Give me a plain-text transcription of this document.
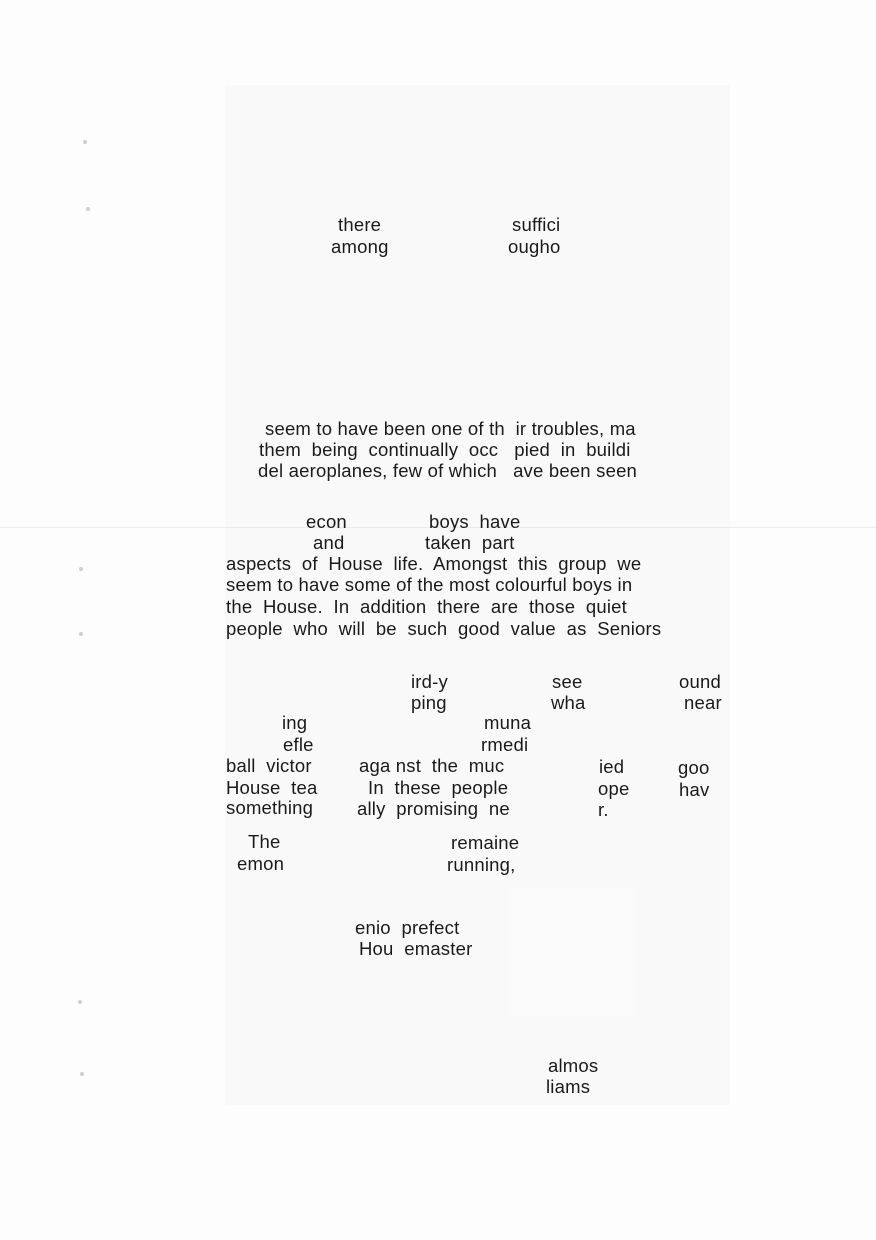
there	suffici
among	ougho
seem to have been one of th  ir troubles, ma
them  being  continually  occ   pied  in  buildi
del aeroplanes, few of which   ave been seen
econ	boys  have
and	taken  part
aspects  of  House  life.  Amongst  this  group  we
seem to have some of the most colourful boys in
the  House.  In  addition  there  are  those  quiet
people  who  will  be  such  good  value  as  Seniors
ird-y	see	ound
ping	wha	near
ing	muna
efle	rmedi
ball  victor	aga nst  the  muc	ied	goo
House  tea	In  these  people	ope	hav
something ally  promising  ne	r.
The	remaine
emon	running,
enio  prefect
Hou  emaster
almos
liams
